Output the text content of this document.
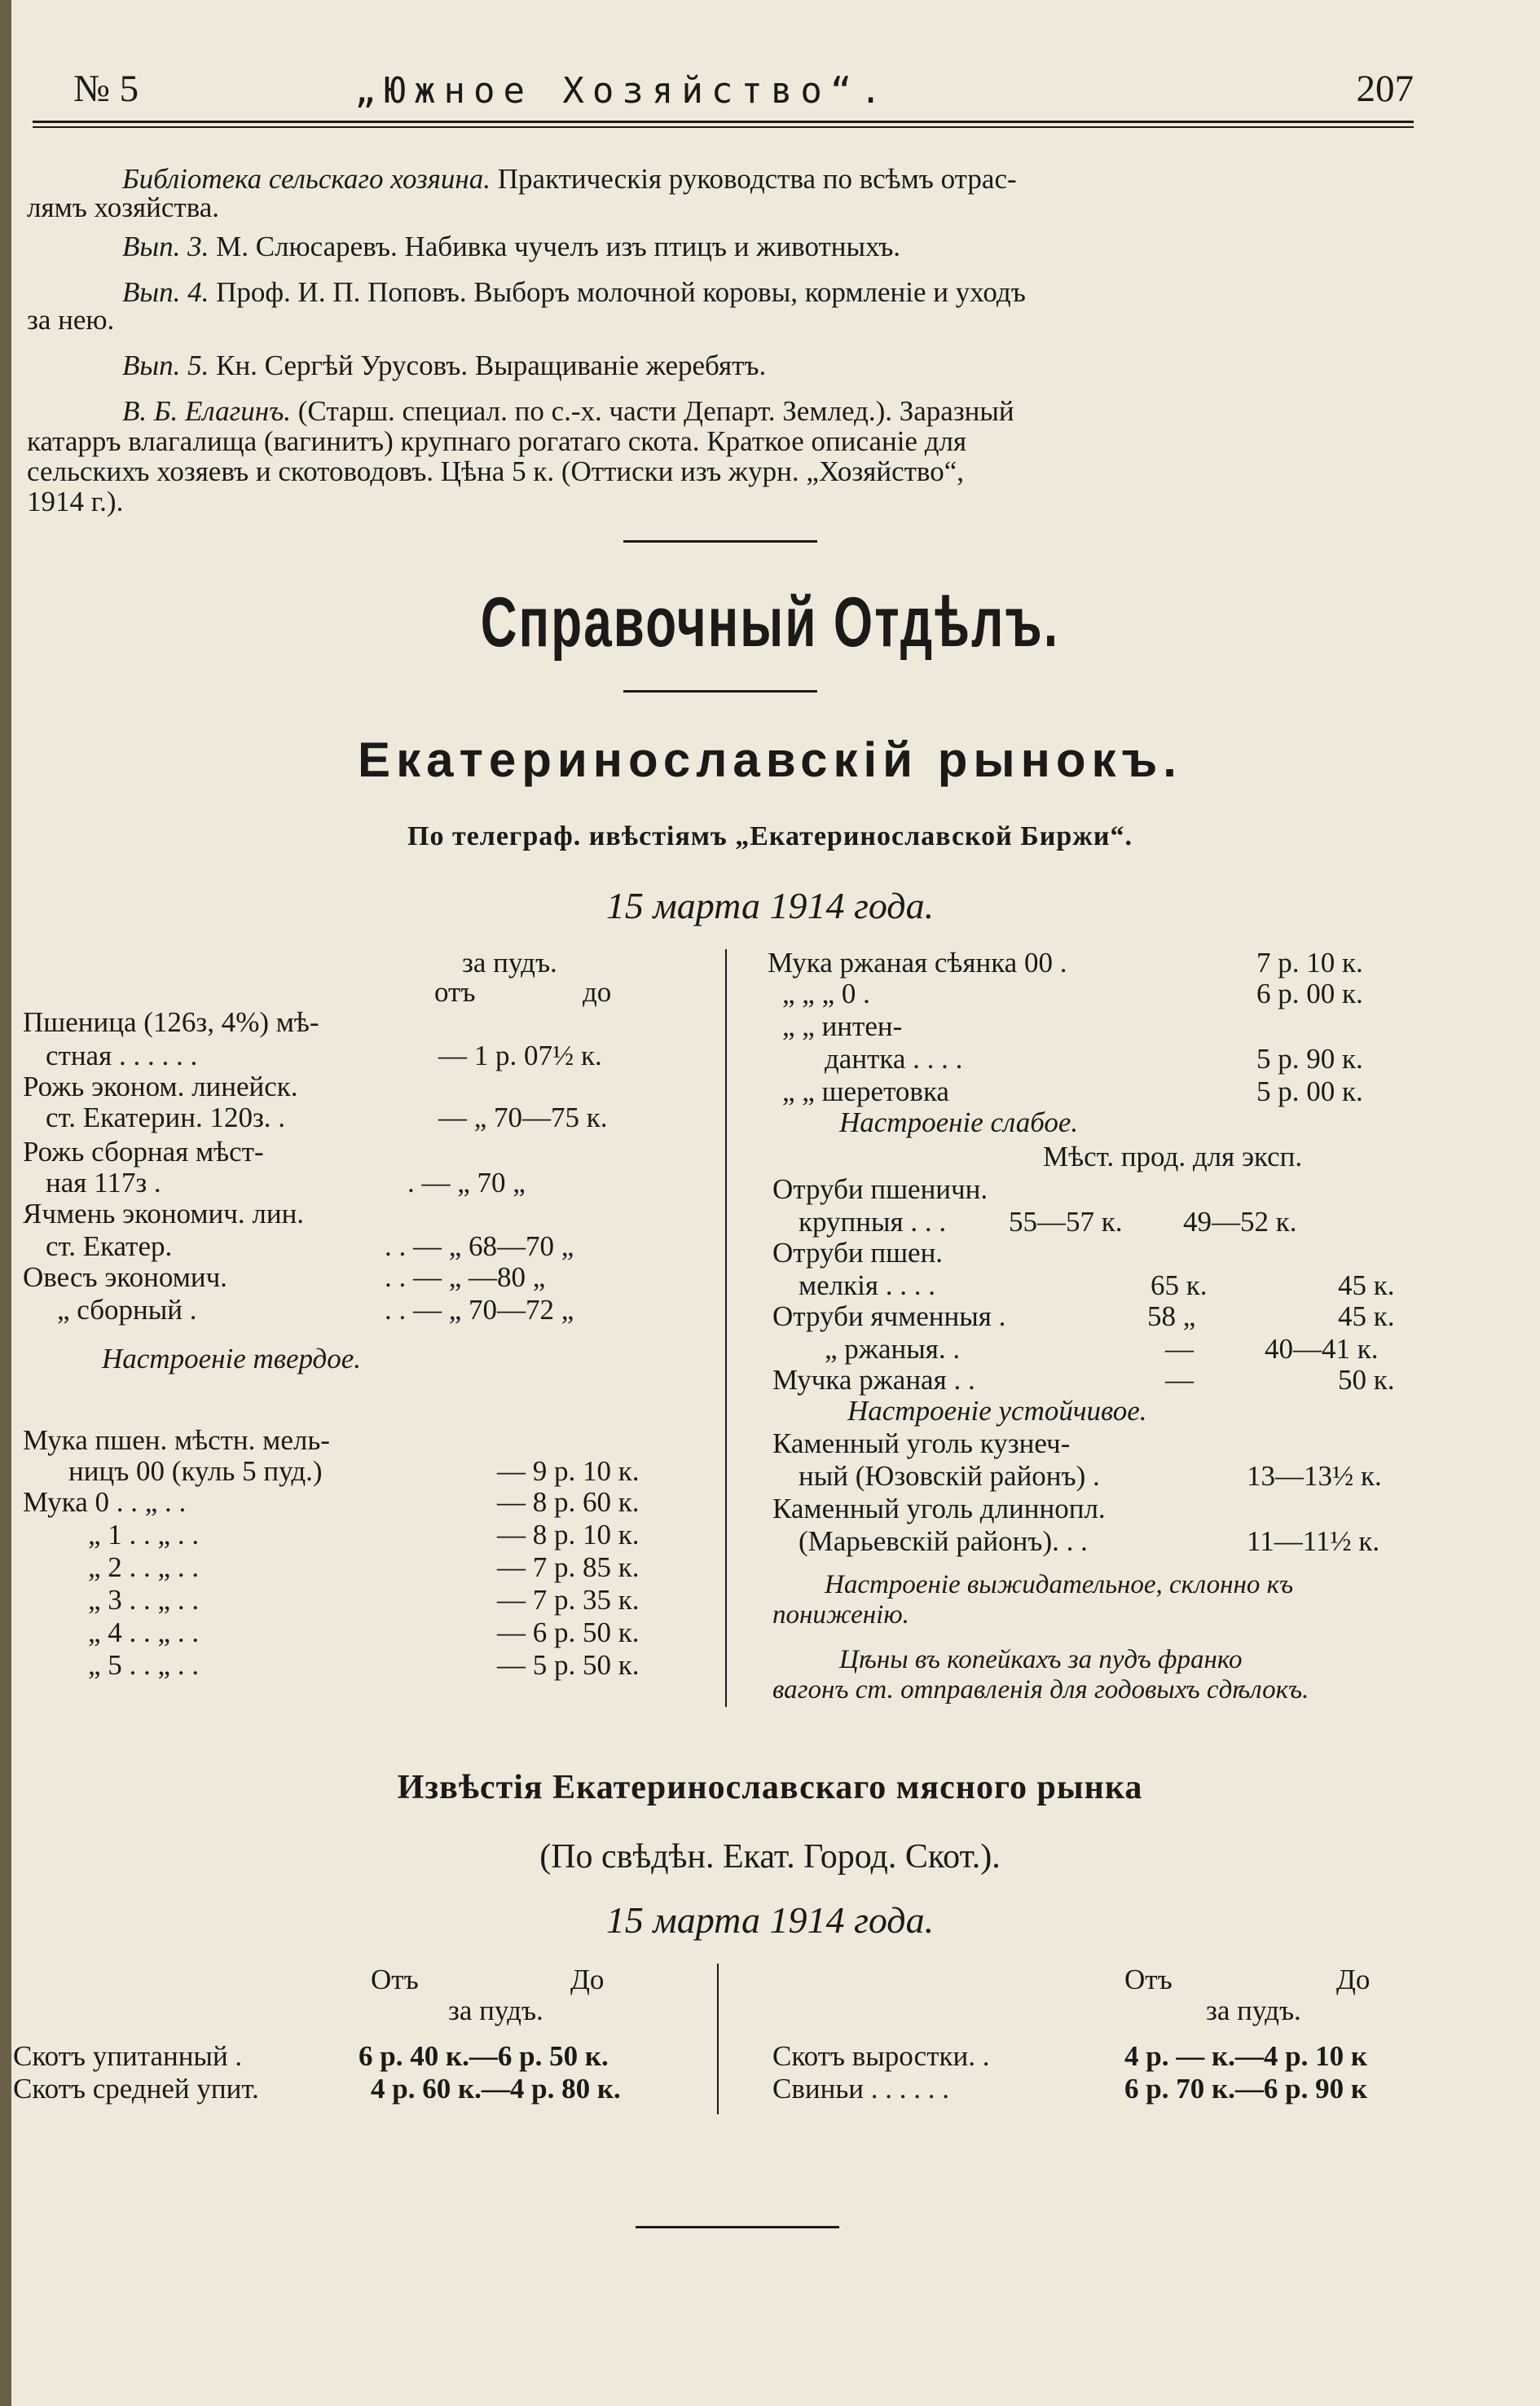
№ 5	„Южное Хозяйство“.	207
Библіотека сельскаго хозяина. Практическія руководства по всѣмъ отрас-
лямъ хозяйства.
Вып. 3. М. Слюсаревъ. Набивка чучелъ изъ птицъ и животныхъ.
Вып. 4. Проф. И. П. Поповъ. Выборъ молочной коровы, кормленіе и уходъ
за нею.
Вып. 5. Кн. Сергѣй Урусовъ. Выращиваніе жеребятъ.
В. Б. Елагинъ. (Старш. специал. по с.-х. части Департ. Землед.). Заразный
катарръ влагалища (вагинитъ) крупнаго рогатаго скота. Краткое описаніе для
сельскихъ хозяевъ и скотоводовъ. Цѣна 5 к. (Оттиски изъ журн. „Хозяйство“,
1914 г.).
Справочный Отдѣлъ.
Екатеринославскій рынокъ.
По телеграф. ивѣстіямъ „Екатеринославской Биржи“.
15 марта 1914 года.
за пудъ.
отъ	до
Пшеница (126з, 4%) мѣ-
стная . . . . . .	— 1 р. 07½ к.
Рожь эконом. линейск.
ст. Екатерин. 120з. .	— „ 70—75 к.
Рожь сборная мѣст-
ная 117з .	. — „ 70 „
Ячмень экономич. лин.
ст. Екатер.	. . — „ 68—70 „
Овесъ экономич.	. . — „ —80 „
„ сборный .	. . — „ 70—72 „
Настроеніе твердое.
Мука пшен. мѣстн. мель-
ницъ 00 (куль 5 пуд.)	— 9 р. 10 к.
Мука 0 . . „ . .	— 8 р. 60 к.
„ 1 . . „ . .	— 8 р. 10 к.
„ 2 . . „ . .	— 7 р. 85 к.
„ 3 . . „ . .	— 7 р. 35 к.
„ 4 . . „ . .	— 6 р. 50 к.
„ 5 . . „ . .	— 5 р. 50 к.
Мука ржаная сѣянка 00 .	7 р. 10 к.
„ „ „ 0 .	6 р. 00 к.
„ „ интен-
дантка . . . .	5 р. 90 к.
„ „ шеретовка	5 р. 00 к.
Настроеніе слабое.
Мѣст. прод. для эксп.
Отруби пшеничн.
крупныя . . . 55—57 к. 49—52 к.
Отруби пшен.
мелкія . . . .	65 к.	45 к.
Отруби ячменныя .	58 „	45 к.
„ ржаныя. .	— 40—41 к.
Мучка ржаная . .	—	50 к.
Настроеніе устойчивое.
Каменный уголь кузнеч-
ный (Юзовскій районъ) .	13—13½ к.
Каменный уголь длиннопл.
(Марьевскій районъ). . .	11—11½ к.
Настроеніе выжидательное, склонно къ
пониженію.
Цѣны въ копейкахъ за пудъ франко
вагонъ ст. отправленія для годовыхъ сдѣлокъ.
Извѣстія Екатеринославскаго мясного рынка
(По свѣдѣн. Екат. Город. Скот.).
15 марта 1914 года.
Отъ	До
за пудъ.
Скотъ упитанный .	6 р. 40 к.—6 р. 50 к.
Скотъ средней упит.	4 р. 60 к.—4 р. 80 к.
Отъ	До
за пудъ.
Скотъ выростки. .	4 р. — к.—4 р. 10 к
Свиньи . . . . . .	6 р. 70 к.—6 р. 90 к
